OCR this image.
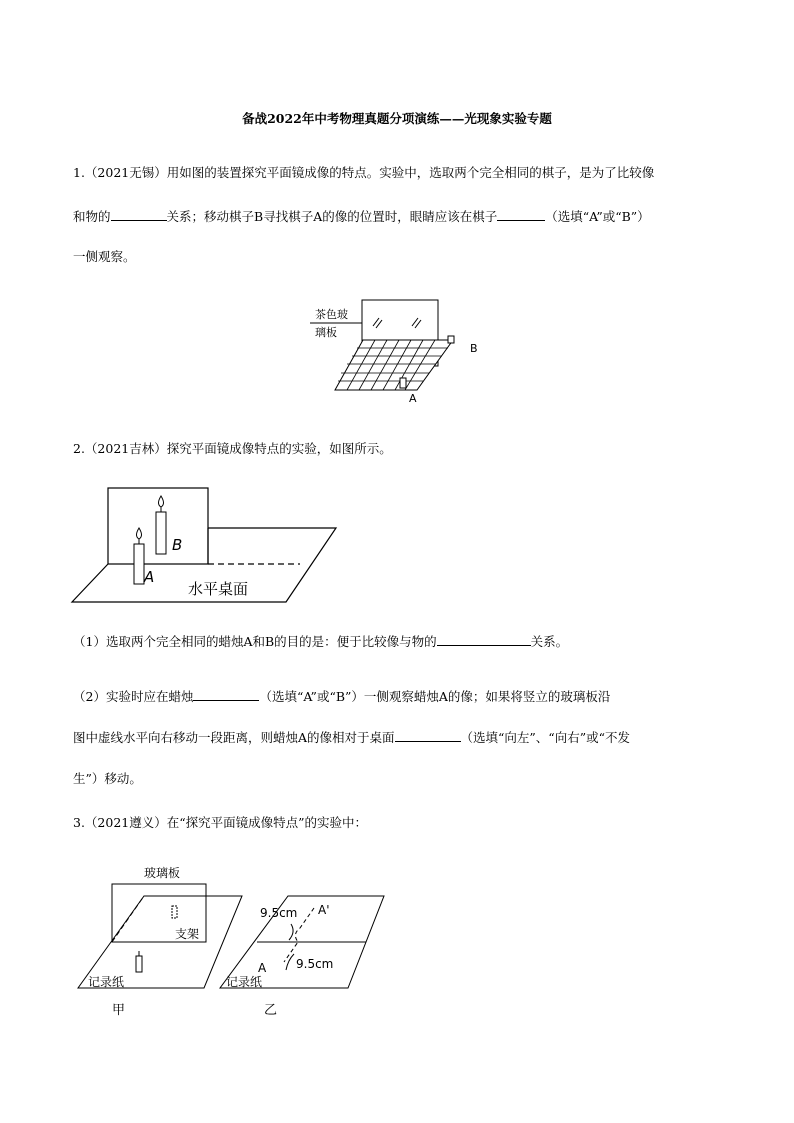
备战2022年中考物理真题分项演练——光现象实验专题
1.（2021无锡）用如图的装置探究平面镜成像的特点。实验中，选取两个完全相同的棋子，是为了比较像
和物的	关系；移动棋子B寻找棋子A的像的位置时，眼睛应该在棋子	（选填“A”或“B”）
一侧观察。
茶色玻
璃板
B
A
2.（2021吉林）探究平面镜成像特点的实验，如图所示。
B
A
水平桌面
（1）选取两个完全相同的蜡烛A和B的目的是：便于比较像与物的	关系。
（2）实验时应在蜡烛	（选填“A”或“B”）一侧观察蜡烛A的像；如果将竖立的玻璃板沿
图中虚线水平向右移动一段距离，则蜡烛A的像相对于桌面	（选填“向左”、“向右”或“不发
生”）移动。
3.（2021遵义）在“探究平面镜成像特点”的实验中：
玻璃板
支架
记录纸
甲
9.5cm A'
9.5cm
A
记录纸
乙
